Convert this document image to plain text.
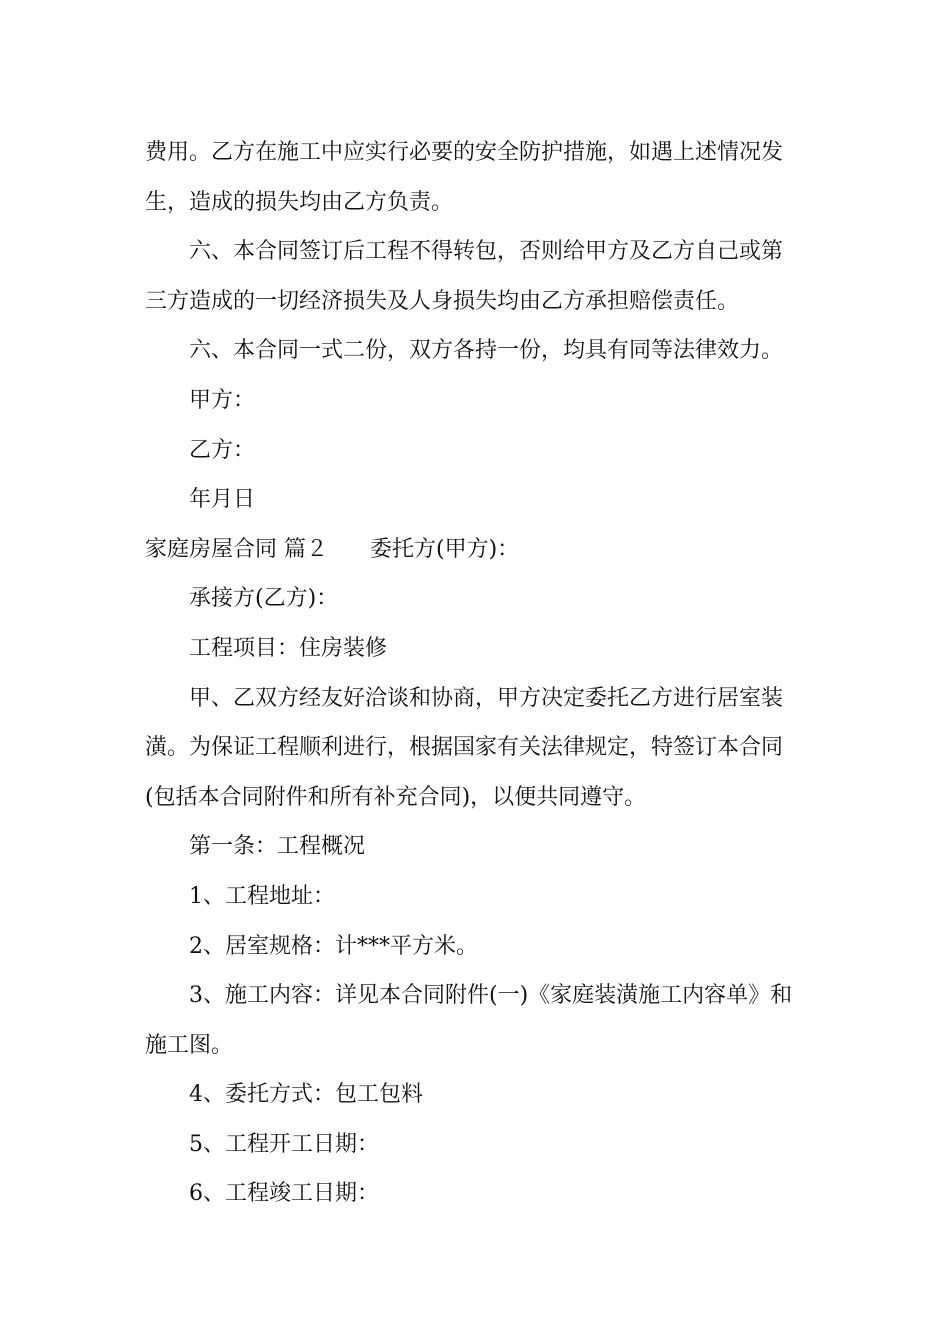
费用。乙方在施工中应实行必要的安全防护措施，如遇上述情况发
生，造成的损失均由乙方负责。
六、本合同签订后工程不得转包，否则给甲方及乙方自己或第
三方造成的一切经济损失及人身损失均由乙方承担赔偿责任。
六、本合同一式二份，双方各持一份，均具有同等法律效力。
甲方：
乙方：
年月日
家庭房屋合同 篇２ 委托方(甲方)：
承接方(乙方)：
工程项目：住房装修
甲、乙双方经友好洽谈和协商，甲方决定委托乙方进行居室装
潢。为保证工程顺利进行，根据国家有关法律规定，特签订本合同
(包括本合同附件和所有补充合同)，以便共同遵守。
第一条：工程概况
1、工程地址：
2、居室规格：计***平方米。
3、施工内容：详见本合同附件(一)《家庭装潢施工内容单》和
施工图。
4、委托方式：包工包料
5、工程开工日期：
6、工程竣工日期：
